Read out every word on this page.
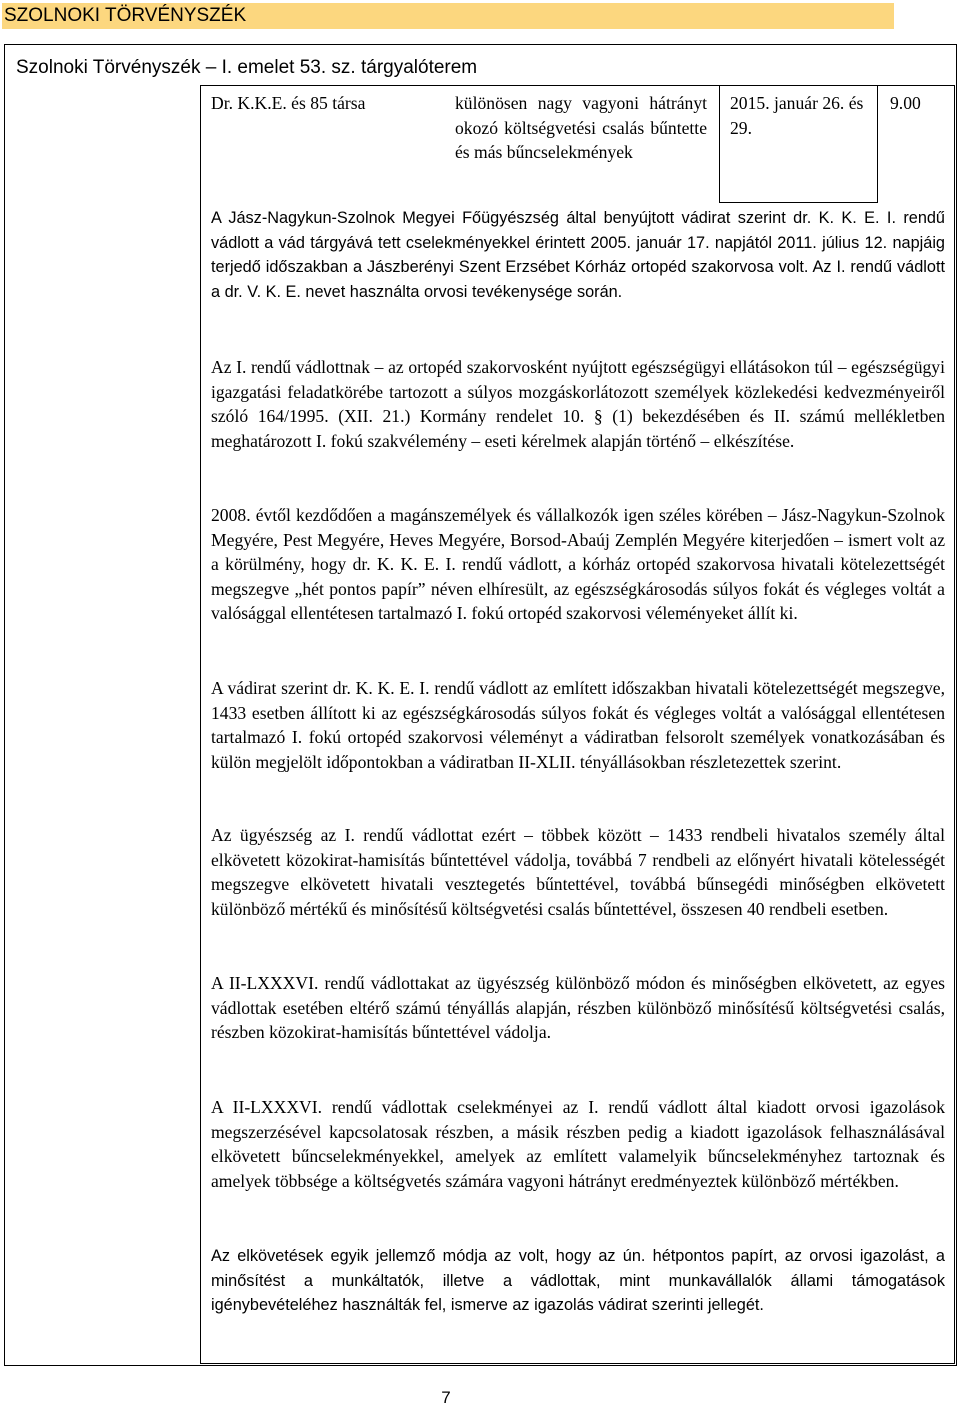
SZOLNOKI TÖRVÉNYSZÉK
Szolnoki Törvényszék – I. emelet 53. sz. tárgyalóterem
Dr. K.K.E. és 85 társa	különösen nagy vagyoni hátrányt okozó költségvetési csalás bűntette és más bűncselekmények
2015. január 26. és 29.
9.00

A Jász-Nagykun-Szolnok Megyei Főügyészség által benyújtott vádirat szerint dr. K. K. E. I. rendű vádlott a vád tárgyává tett cselekményekkel érintett 2005. január 17. napjától 2011. július 12. napjáig terjedő időszakban a Jászberényi Szent Erzsébet Kórház ortopéd szakorvosa volt. Az I. rendű vádlott a dr. V. K. E. nevet használta orvosi tevékenysége során.

Az I. rendű vádlottnak – az ortopéd szakorvosként nyújtott egészségügyi ellátásokon túl – egészségügyi igazgatási feladatkörébe tartozott a súlyos mozgáskorlátozott személyek közlekedési kedvezményeiről szóló 164/1995. (XII. 21.) Kormány rendelet 10. § (1) bekezdésében és II. számú mellékletben meghatározott I. fokú szakvélemény – eseti kérelmek alapján történő – elkészítése.

2008. évtől kezdődően a magánszemélyek és vállalkozók igen széles körében – Jász-Nagykun-Szolnok Megyére, Pest Megyére, Heves Megyére, Borsod-Abaúj Zemplén Megyére kiterjedően – ismert volt az a körülmény, hogy dr. K. K. E. I. rendű vádlott, a kórház ortopéd szakorvosa hivatali kötelezettségét megszegve „hét pontos papír” néven elhíresült, az egészségkárosodás súlyos fokát és végleges voltát a valósággal ellentétesen tartalmazó I. fokú ortopéd szakorvosi véleményeket állít ki.

A vádirat szerint dr. K. K. E. I. rendű vádlott az említett időszakban hivatali kötelezettségét megszegve, 1433 esetben állított ki az egészségkárosodás súlyos fokát és végleges voltát a valósággal ellentétesen tartalmazó I. fokú ortopéd szakorvosi véleményt a vádiratban felsorolt személyek vonatkozásában és külön megjelölt időpontokban a vádiratban II-XLII. tényállásokban részletezettek szerint.

Az ügyészség az I. rendű vádlottat ezért – többek között – 1433 rendbeli hivatalos személy által elkövetett közokirat-hamisítás bűntettével vádolja, továbbá 7 rendbeli az előnyért hivatali kötelességét megszegve elkövetett hivatali vesztegetés bűntettével, továbbá bűnsegédi minőségben elkövetett különböző mértékű és minősítésű költségvetési csalás bűntettével, összesen 40 rendbeli esetben.

A II-LXXXVI. rendű vádlottakat az ügyészség különböző módon és minőségben elkövetett, az egyes vádlottak esetében eltérő számú tényállás alapján, részben különböző minősítésű költségvetési csalás, részben közokirat-hamisítás bűntettével vádolja.

A II-LXXXVI. rendű vádlottak cselekményei az I. rendű vádlott által kiadott orvosi igazolások megszerzésével kapcsolatosak részben, a másik részben pedig a kiadott igazolások felhasználásával elkövetett bűncselekményekkel, amelyek az említett valamelyik bűncselekményhez tartoznak és amelyek többsége a költségvetés számára vagyoni hátrányt eredményeztek különböző mértékben.

Az elkövetések egyik jellemző módja az volt, hogy az ún. hétpontos papírt, az orvosi igazolást, a minősítést a munkáltatók, illetve a vádlottak, mint munkavállalók állami támogatások igénybevételéhez használták fel, ismerve az igazolás vádirat szerinti jellegét.

7
